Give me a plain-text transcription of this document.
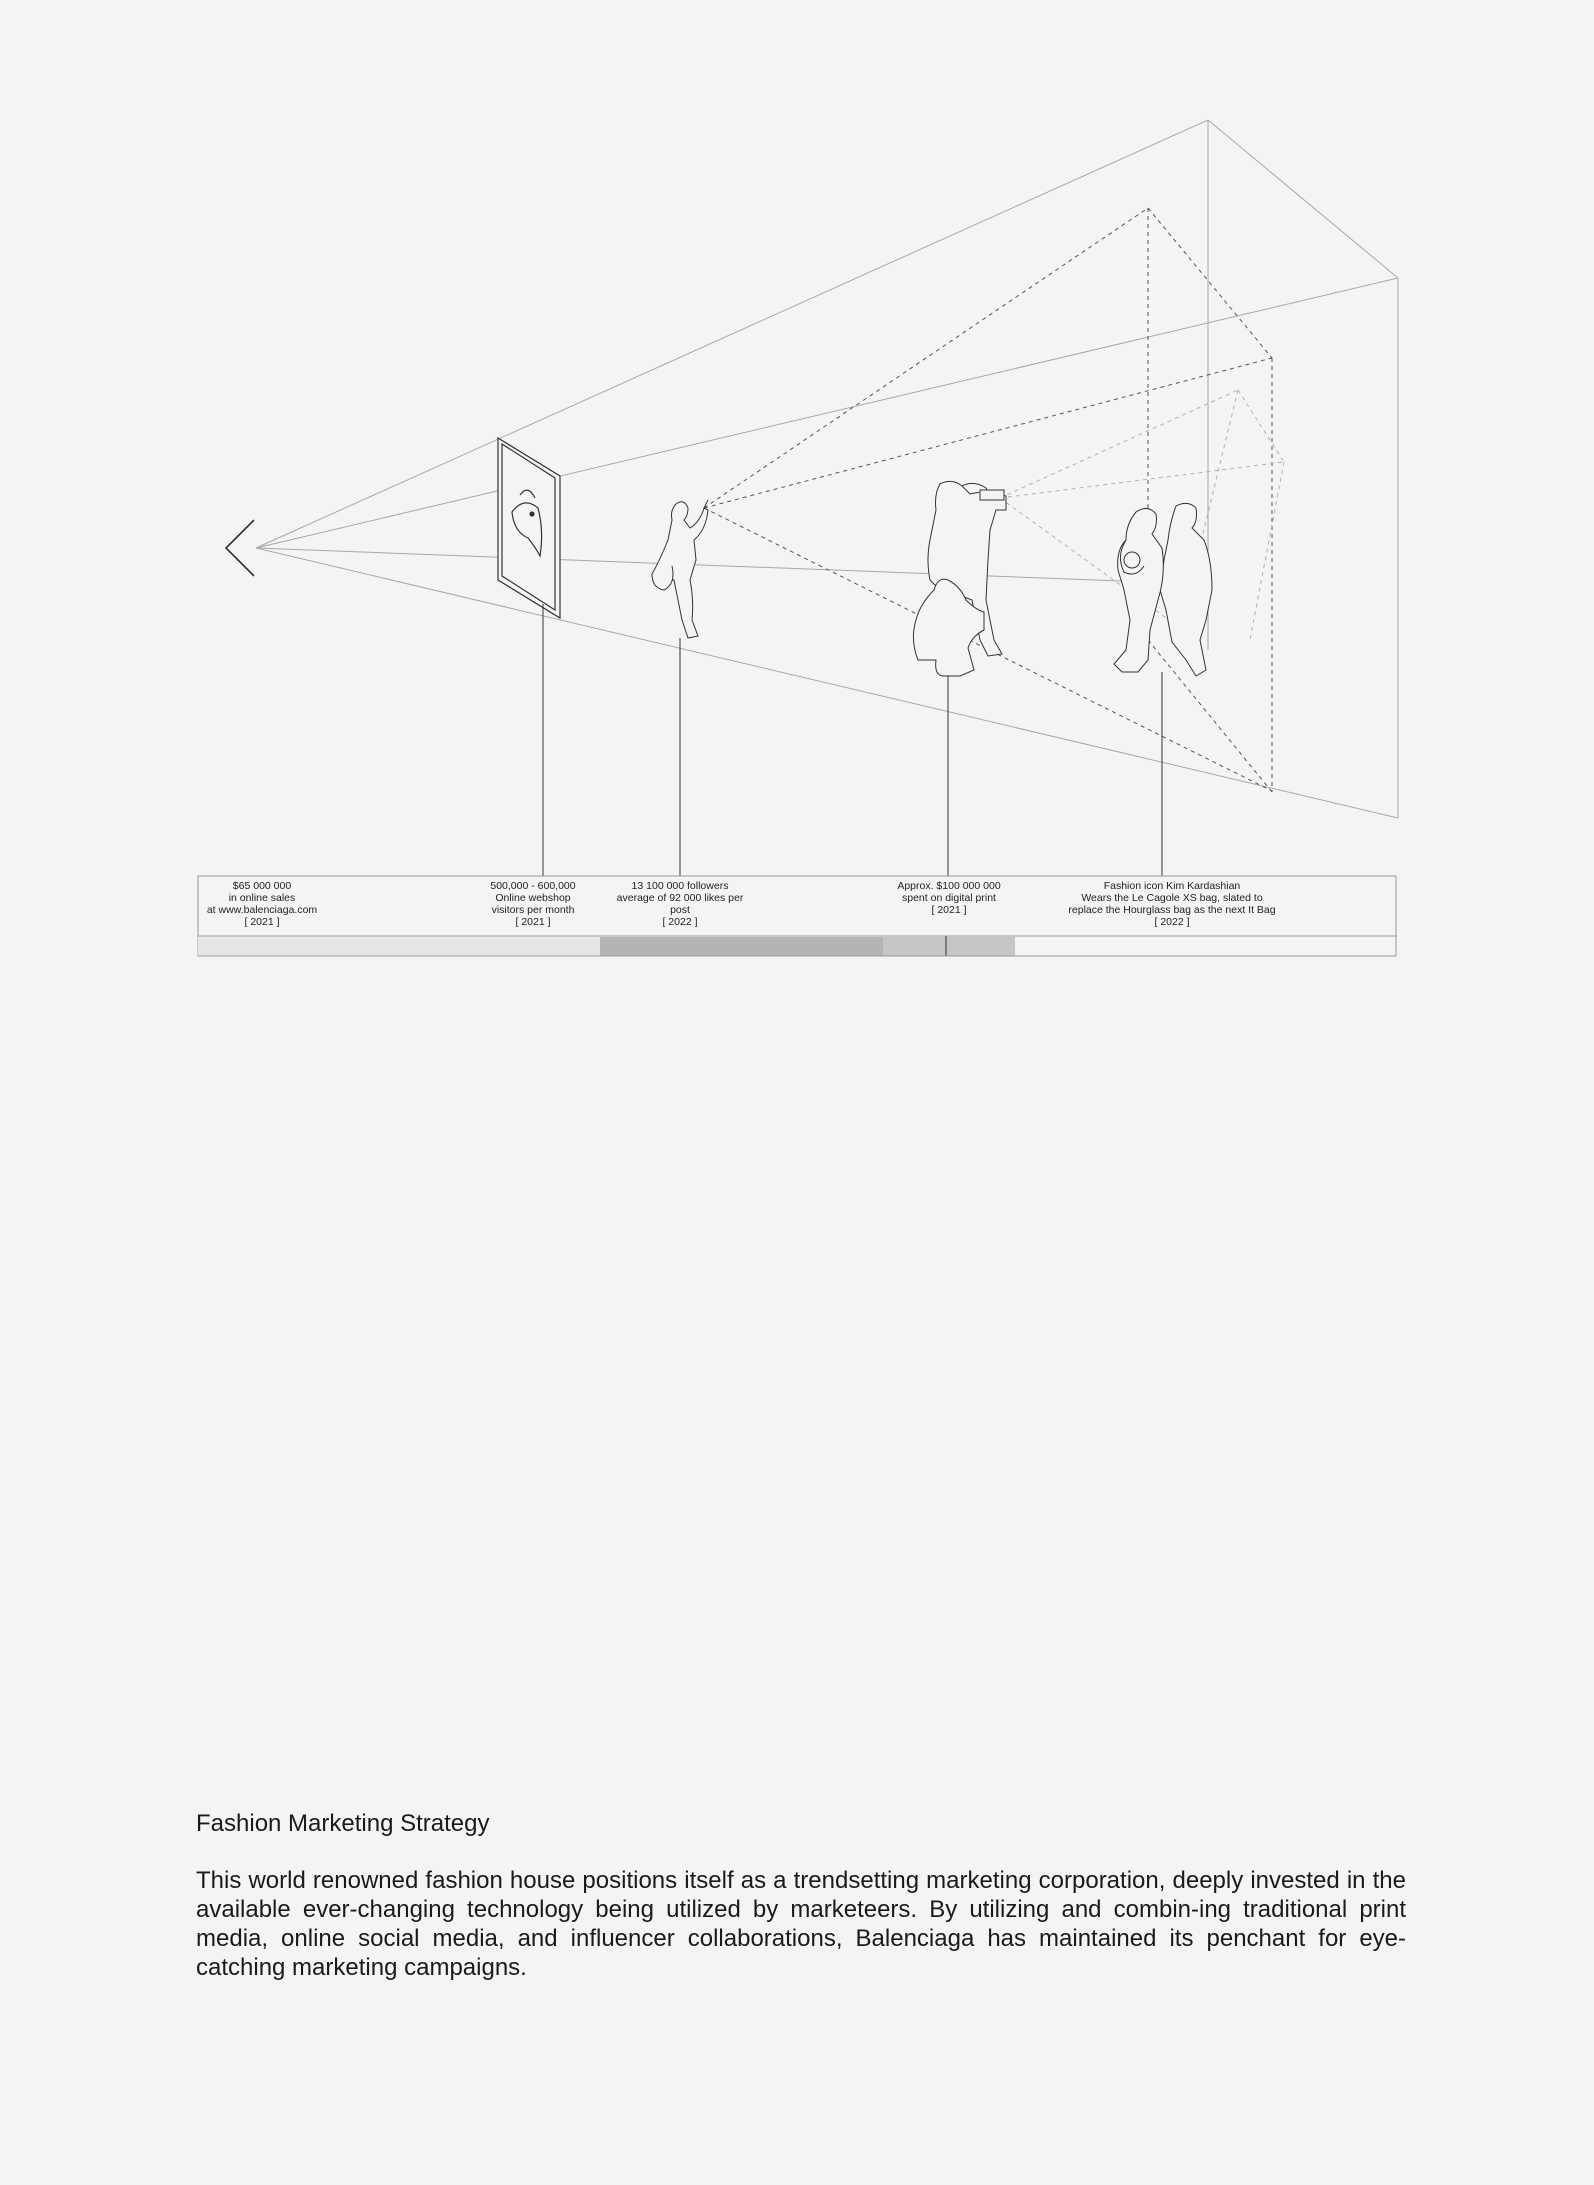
$65 000 000
in online sales
at www.balenciaga.com
[ 2021 ]
500,000 - 600,000
Online webshop
visitors per month
[ 2021 ]
13 100 000 followers
average of 92 000 likes per
post
[ 2022 ]
Approx. $100 000 000
spent on digital print
[ 2021 ]
Fashion icon Kim Kardashian
Wears the Le Cagole XS bag, slated to
replace the Hourglass bag as the next It Bag
[ 2022 ]
Fashion Marketing Strategy

This world renowned fashion house positions itself as a trendsetting marketing corporation, deeply invested in the available ever-changing technology being utilized by marketeers. By utilizing and combin-ing traditional print media, online social media, and influencer collaborations, Balenciaga has maintained its penchant for eye-catching marketing campaigns.
